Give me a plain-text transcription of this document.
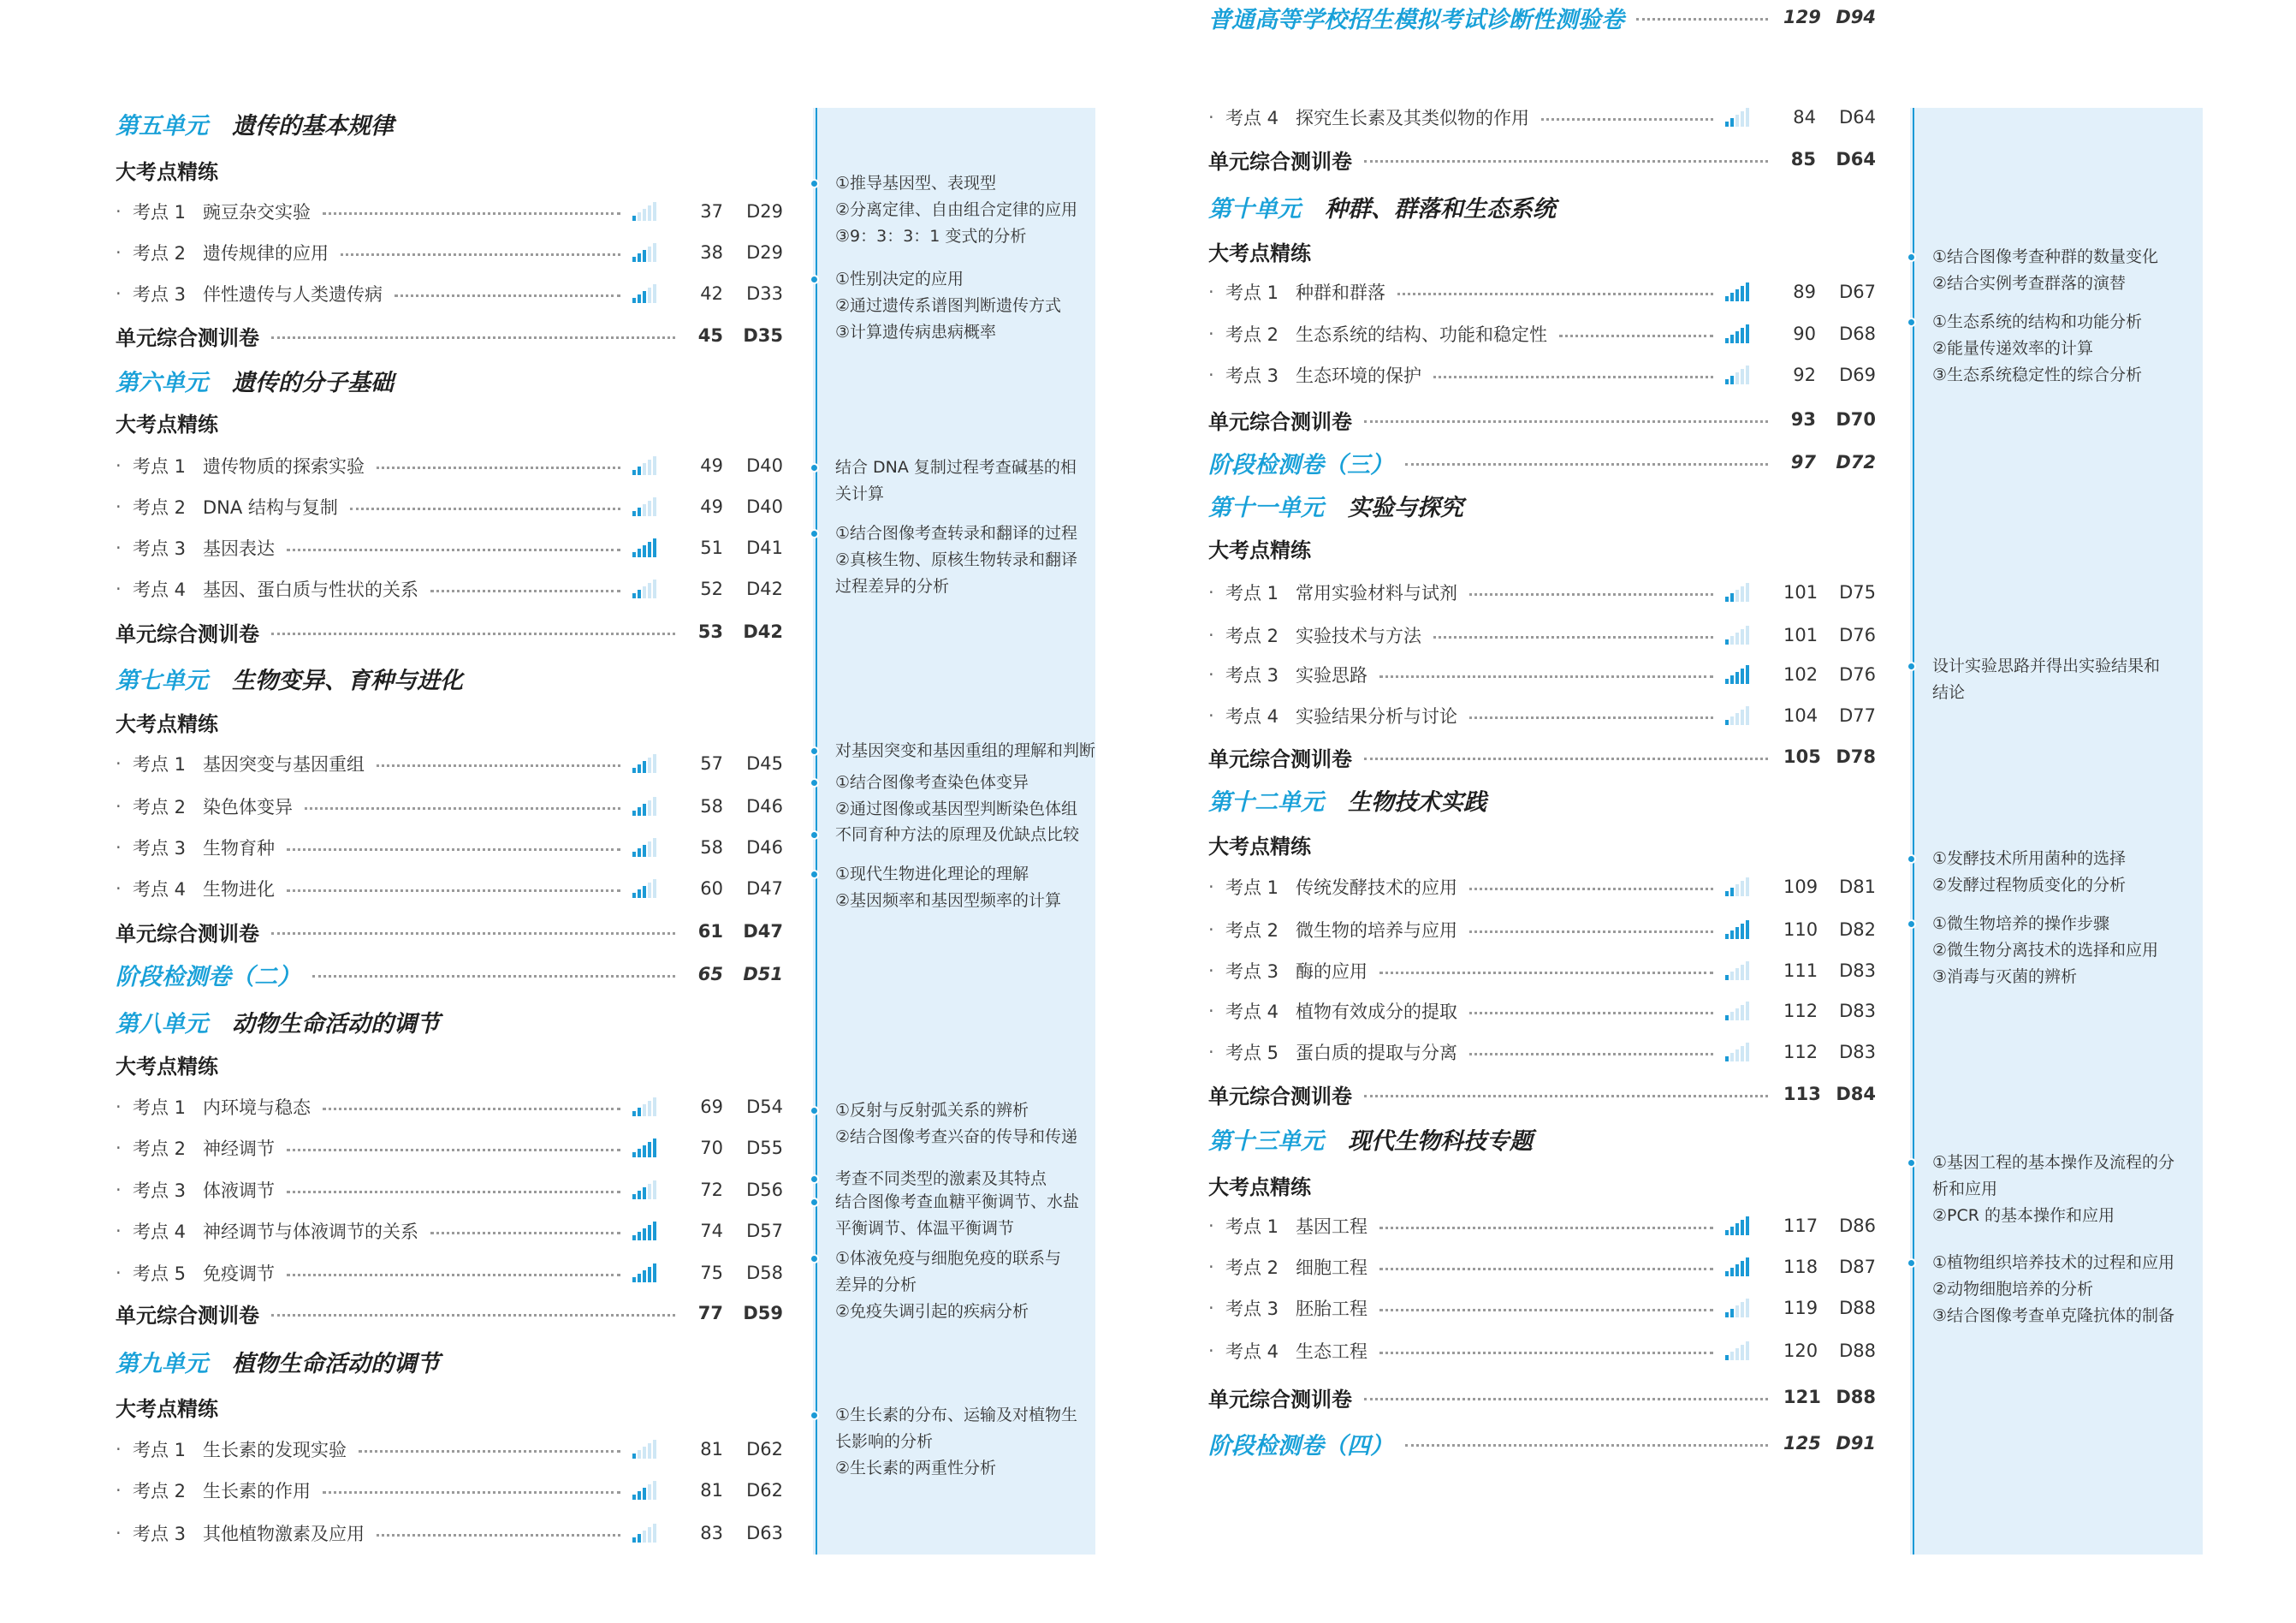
①推导基因型、表现型
②分离定律、自由组合定律的应用
③9：3：3：1 变式的分析
①性别决定的应用
②通过遗传系谱图判断遗传方式
③计算遗传病患病概率
结合 DNA 复制过程考查碱基的相
关计算
①结合图像考查转录和翻译的过程
②真核生物、原核生物转录和翻译
过程差异的分析
对基因突变和基因重组的理解和判断
①结合图像考查染色体变异
②通过图像或基因型判断染色体组
不同育种方法的原理及优缺点比较
①现代生物进化理论的理解
②基因频率和基因型频率的计算
①反射与反射弧关系的辨析
②结合图像考查兴奋的传导和传递
考查不同类型的激素及其特点
结合图像考查血糖平衡调节、水盐
平衡调节、体温平衡调节
①体液免疫与细胞免疫的联系与
差异的分析
②免疫失调引起的疾病分析
①生长素的分布、运输及对植物生
长影响的分析
②生长素的两重性分析
第五单元 遗传的基本规律
大考点精练
· 考点 1 豌豆杂交实验	37	D29
· 考点 2 遗传规律的应用	38	D29
· 考点 3 伴性遗传与人类遗传病	42	D33
单元综合测训卷	45	D35
第六单元 遗传的分子基础
大考点精练
· 考点 1 遗传物质的探索实验	49	D40
· 考点 2 DNA 结构与复制	49	D40
· 考点 3 基因表达	51	D41
· 考点 4 基因、蛋白质与性状的关系	52	D42
单元综合测训卷	53	D42
第七单元 生物变异、育种与进化
大考点精练
· 考点 1 基因突变与基因重组	57	D45
· 考点 2 染色体变异	58	D46
· 考点 3 生物育种	58	D46
· 考点 4 生物进化	60	D47
单元综合测训卷	61	D47
阶段检测卷（二）	65	D51
第八单元 动物生命活动的调节
大考点精练
· 考点 1 内环境与稳态	69	D54
· 考点 2 神经调节	70	D55
· 考点 3 体液调节	72	D56
· 考点 4 神经调节与体液调节的关系	74	D57
· 考点 5 免疫调节	75	D58
单元综合测训卷	77	D59
第九单元 植物生命活动的调节
大考点精练
· 考点 1 生长素的发现实验	81	D62
· 考点 2 生长素的作用	81	D62
· 考点 3 其他植物激素及应用	83	D63
①结合图像考查种群的数量变化
②结合实例考查群落的演替
①生态系统的结构和功能分析
②能量传递效率的计算
③生态系统稳定性的综合分析
设计实验思路并得出实验结果和
结论
①发酵技术所用菌种的选择
②发酵过程物质变化的分析
①微生物培养的操作步骤
②微生物分离技术的选择和应用
③消毒与灭菌的辨析
①基因工程的基本操作及流程的分
析和应用
②PCR 的基本操作和应用
①植物组织培养技术的过程和应用
②动物细胞培养的分析
③结合图像考查单克隆抗体的制备
· 考点 4 探究生长素及其类似物的作用	84	D64
单元综合测训卷	85	D64
第十单元 种群、群落和生态系统
大考点精练
· 考点 1 种群和群落	89	D67
· 考点 2 生态系统的结构、功能和稳定性	90	D68
· 考点 3 生态环境的保护	92	D69
单元综合测训卷	93	D70
阶段检测卷（三）	97	D72
第十一单元 实验与探究
大考点精练
· 考点 1 常用实验材料与试剂	101	D75
· 考点 2 实验技术与方法	101	D76
· 考点 3 实验思路	102	D76
· 考点 4 实验结果分析与讨论	104	D77
单元综合测训卷	105 D78
第十二单元 生物技术实践
大考点精练
· 考点 1 传统发酵技术的应用	109	D81
· 考点 2 微生物的培养与应用	110	D82
· 考点 3 酶的应用	111	D83
· 考点 4 植物有效成分的提取	112	D83
· 考点 5 蛋白质的提取与分离	112	D83
单元综合测训卷	113 D84
第十三单元 现代生物科技专题
大考点精练
· 考点 1 基因工程	117	D86
· 考点 2 细胞工程	118	D87
· 考点 3 胚胎工程	119	D88
· 考点 4 生态工程	120	D88
单元综合测训卷	121 D88
阶段检测卷（四）	125 D91
普通高等学校招生模拟考试诊断性测验卷	129 D94
